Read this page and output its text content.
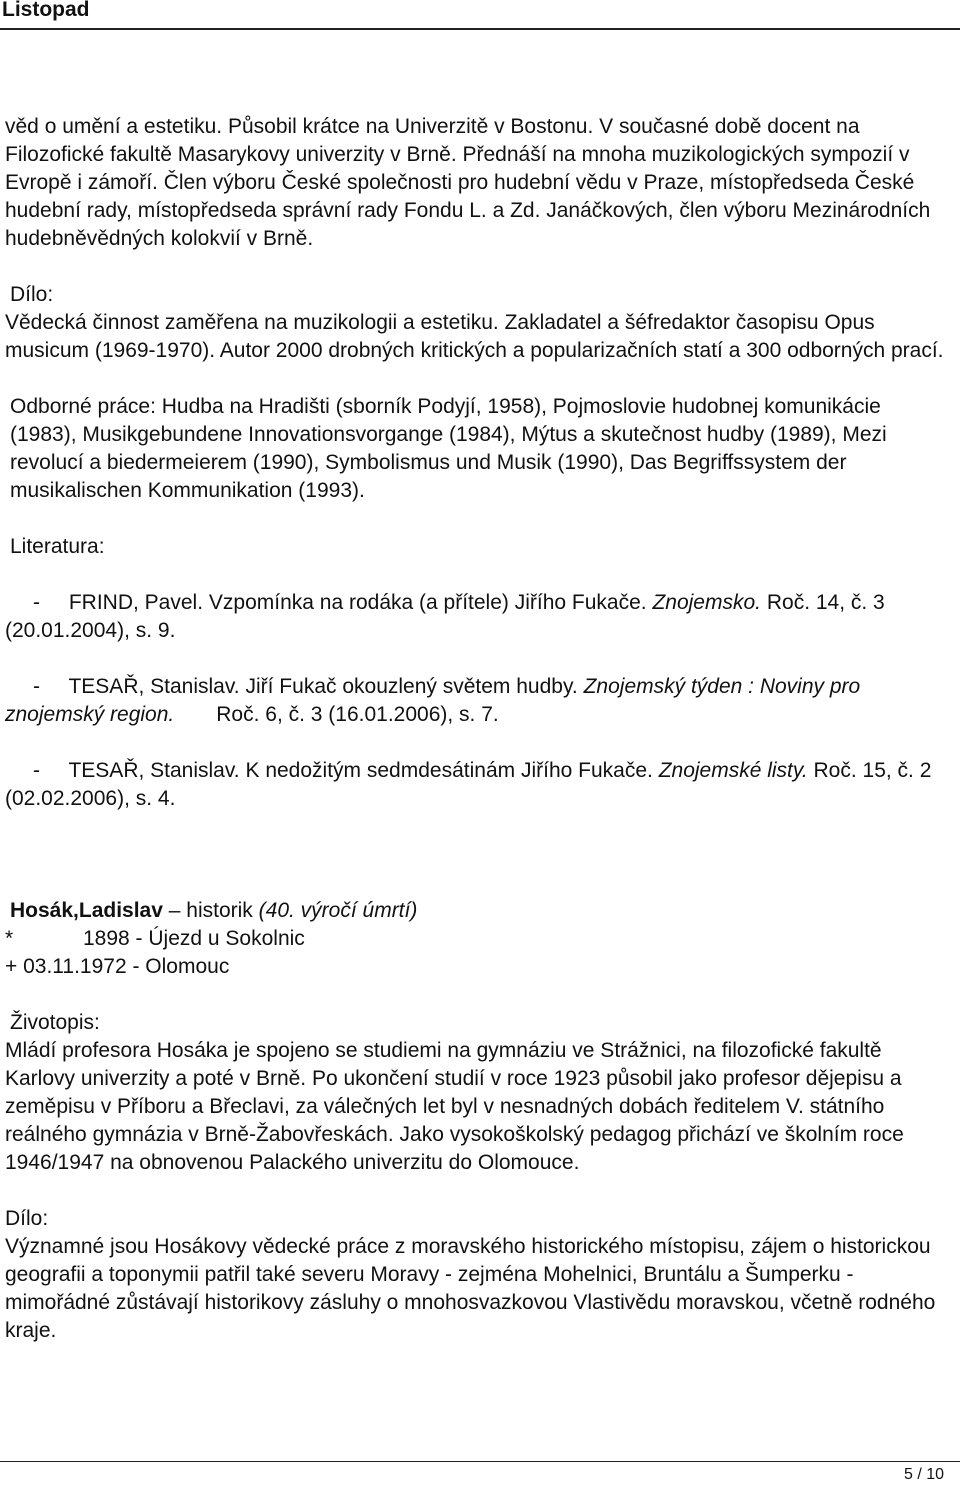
Listopad

věd o umění a estetiku. Působil krátce na Univerzitě v Bostonu. V současné době docent na Filozofické fakultě Masarykovy univerzity v Brně. Přednáší na mnoha muzikologických sympozií v Evropě i zámoří. Člen výboru České společnosti pro hudební vědu v Praze, místopředseda České hudební rady, místopředseda správní rady Fondu L. a Zd. Janáčkových, člen výboru Mezinárodních hudebněvědných kolokvií v Brně.

Dílo:

Vědecká činnost zaměřena na muzikologii a estetiku. Zakladatel a šéfredaktor časopisu Opus musicum (1969-1970). Autor 2000 drobných kritických a popularizačních statí a 300 odborných prací.

Odborné práce: Hudba na Hradišti (sborník Podyjí, 1958), Pojmoslovie hudobnej komunikácie (1983), Musikgebundene Innovationsvorgange (1984), Mýtus a skutečnost hudby (1989), Mezi revolucí a biedermeierem (1990), Symbolismus und Musik (1990), Das Begriffssystem der musikalischen Kommunikation (1993).

Literatura:

- FRIND, Pavel. Vzpomínka na rodáka (a přítele) Jiřího Fukače. Znojemsko. Roč. 14, č. 3 (20.01.2004), s. 9.

- TESAŘ, Stanislav. Jiří Fukač okouzlený světem hudby. Znojemský týden : Noviny pro znojemský region. Roč. 6, č. 3 (16.01.2006), s. 7.

- TESAŘ, Stanislav. K nedožitým sedmdesátinám Jiřího Fukače. Znojemské listy. Roč. 15, č. 2 (02.02.2006), s. 4.

Hosák,Ladislav – historik (40. výročí úmrtí)

*	1898 - Újezd u Sokolnic

+ 03.11.1972 - Olomouc

Životopis:

Mládí profesora Hosáka je spojeno se studiemi na gymnáziu ve Strážnici, na filozofické fakultě Karlovy univerzity a poté v Brně. Po ukončení studií v roce 1923 působil jako profesor dějepisu a zeměpisu v Příboru a Břeclavi, za válečných let byl v nesnadných dobách ředitelem V. státního reálného gymnázia v Brně-Žabovřeskách. Jako vysokoškolský pedagog přichází ve školním roce 1946/1947 na obnovenou Palackého univerzitu do Olomouce.

Dílo:

Významné jsou Hosákovy vědecké práce z moravského historického místopisu, zájem o historickou geografii a toponymii patřil také severu Moravy - zejména Mohelnici, Bruntálu a Šumperku - mimořádné zůstávají historikovy zásluhy o mnohosvazkovou Vlastivědu moravskou, včetně rodného kraje.

5 / 10
